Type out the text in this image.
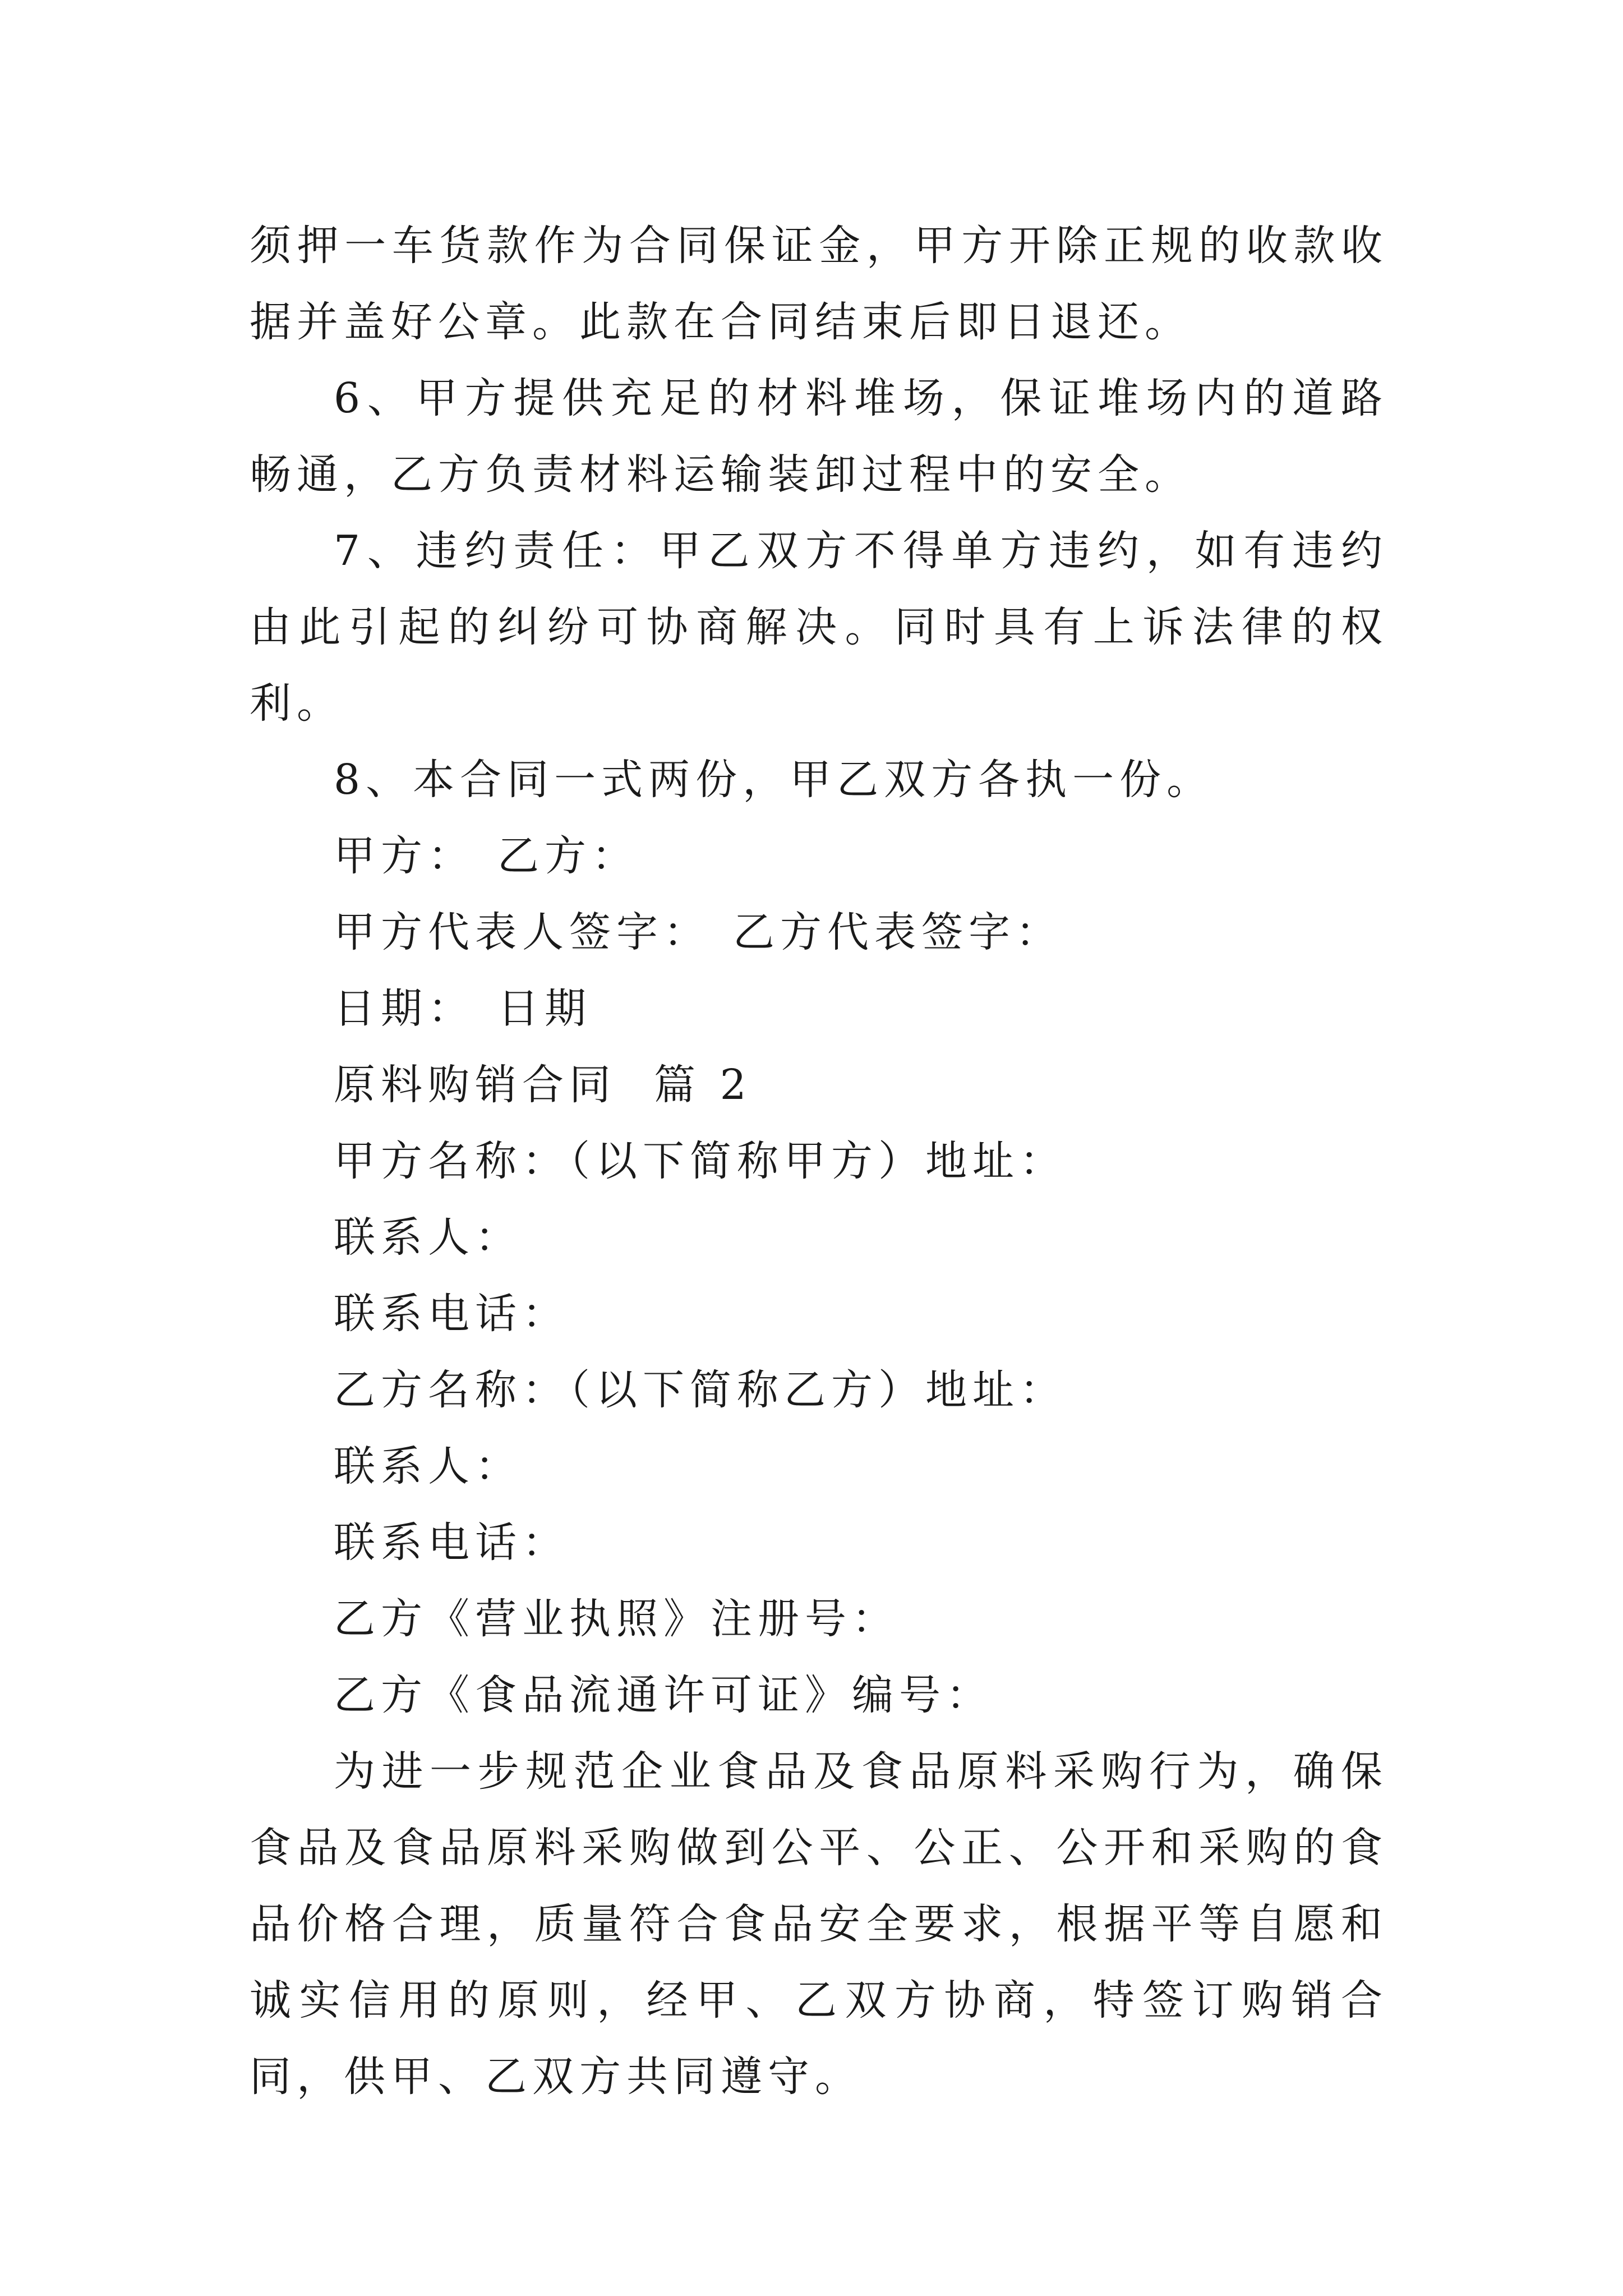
须押一车货款作为合同保证金，甲方开除正规的收款收据并盖好公章。此款在合同结束后即日退还。

6、甲方提供充足的材料堆场，保证堆场内的道路畅通，乙方负责材料运输装卸过程中的安全。

7、违约责任：甲乙双方不得单方违约，如有违约由此引起的纠纷可协商解决。同时具有上诉法律的权利。

8、本合同一式两份，甲乙双方各执一份。

甲方： 乙方：

甲方代表人签字： 乙方代表签字：

日期： 日期

原料购销合同  篇 2

甲方名称：（以下简称甲方）地址：

联系人：

联系电话：

乙方名称：（以下简称乙方）地址：

联系人：

联系电话：

乙方《营业执照》注册号：

乙方《食品流通许可证》编号：

为进一步规范企业食品及食品原料采购行为，确保食品及食品原料采购做到公平、公正、公开和采购的食品价格合理，质量符合食品安全要求，根据平等自愿和诚实信用的原则，经甲、乙双方协商，特签订购销合同，供甲、乙双方共同遵守。
